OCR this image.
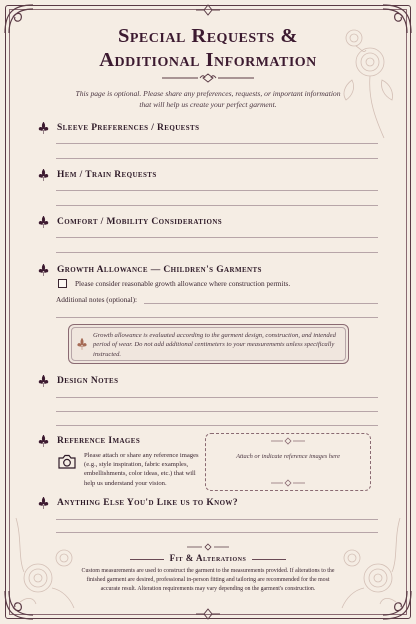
Special Requests &
Additional Information
This page is optional. Please share any preferences, requests, or important information that will help us create your perfect garment.
Sleeve Preferences / Requests
Hem / Train Requests
Comfort / Mobility Considerations
Growth Allowance — Children's Garments
Please consider reasonable growth allowance where construction permits.
Additional notes (optional):
Growth allowance is evaluated according to the garment design, construction, and intended period of wear. Do not add additional centimeters to your measurements unless specifically instructed.
Design Notes
Reference Images
Please attach or share any reference images (e.g., style inspiration, fabric examples, embellishments, color ideas, etc.) that will help us understand your vision.
Attach or indicate reference images here
Anything Else You'd Like us to Know?
Fit & Alterations
Custom measurements are used to construct the garment to the measurements provided. If alterations to the finished garment are desired, professional in-person fitting and tailoring are recommended for the most accurate result. Alteration requirements may vary depending on the garment's construction.
